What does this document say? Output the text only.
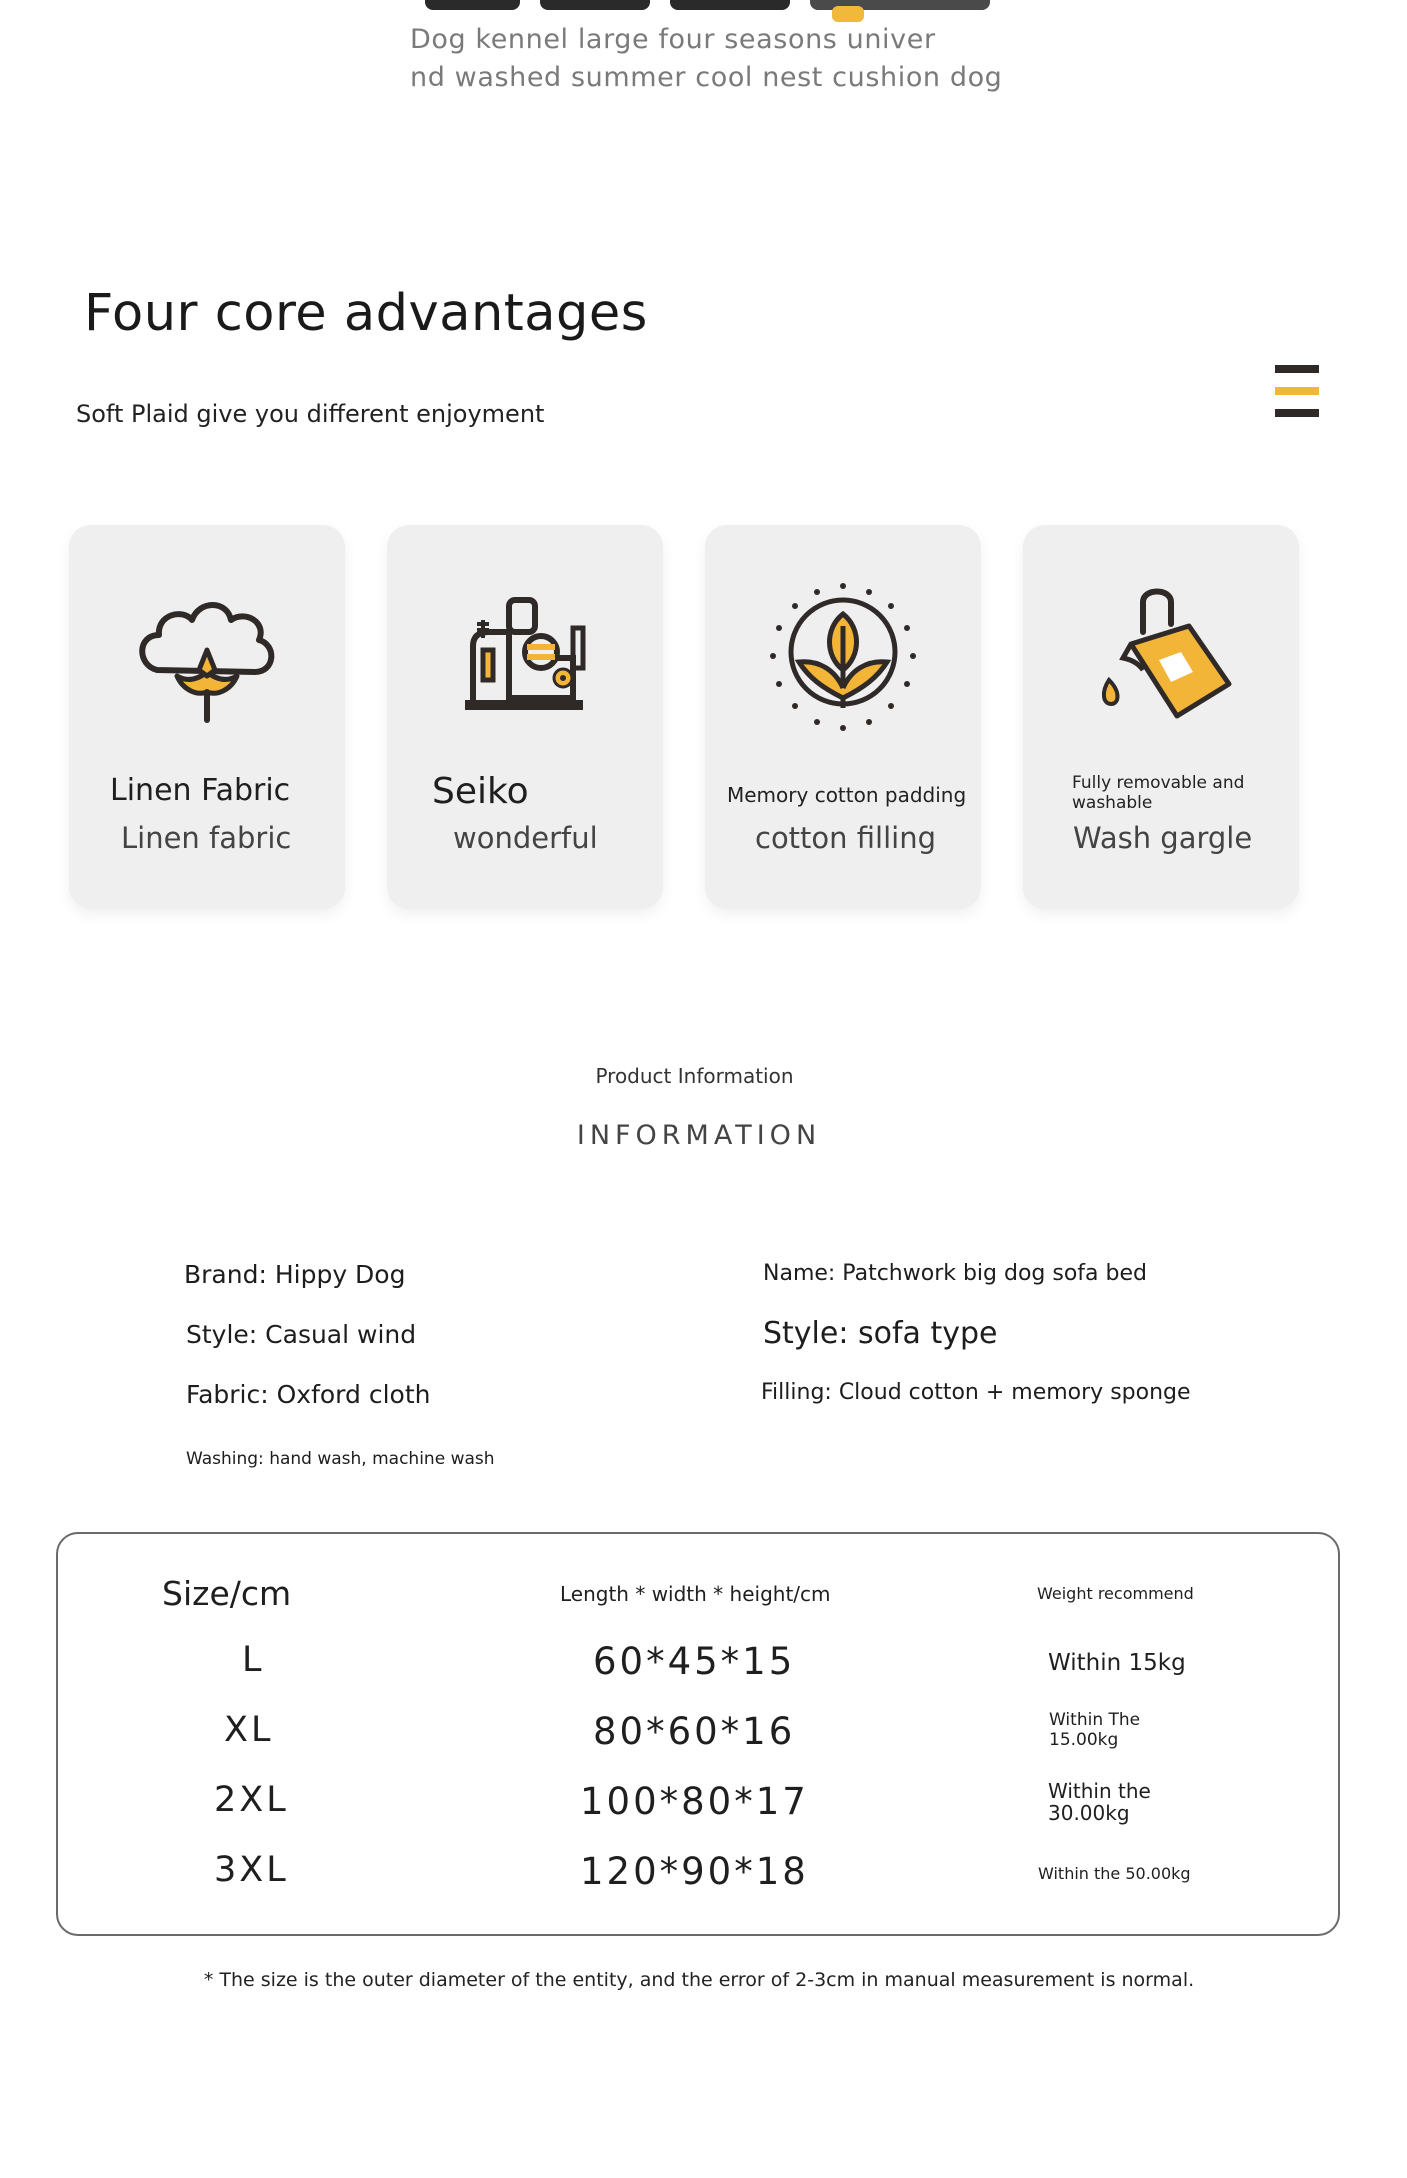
Dog kennel large four seasons univer
nd washed summer cool nest cushion dog
Four core advantages
Soft Plaid give you different enjoyment
Linen Fabric
Linen fabric
Seiko
wonderful
Memory cotton padding
cotton filling
Fully removable and washable
Wash gargle
Product Information
INFORMATION
Brand: Hippy Dog	Name: Patchwork big dog sofa bed
Style: Casual wind	Style: sofa type
Fabric: Oxford cloth	Filling: Cloud cotton + memory sponge
Washing: hand wash, machine wash
Size/cm	Length * width * height/cm	Weight recommend
L	60*45*15	Within 15kg
XL	80*60*16	Within The 15.00kg
2XL	100*80*17	Within the 30.00kg
3XL	120*90*18	Within the 50.00kg
* The size is the outer diameter of the entity, and the error of 2-3cm in manual measurement is normal.
